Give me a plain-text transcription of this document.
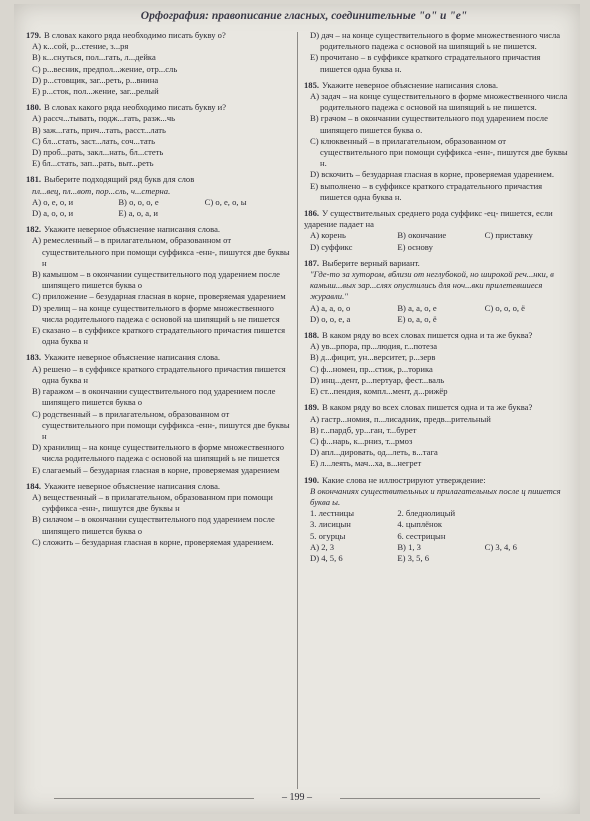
Орфография: правописание гласных, соединительные "о" и "е"
179. В словах какого ряда необходимо писать букву о?
А) к...сой, р...стение, з...ря
В) к...снуться, пол...гать, л...дейка
С) р...весник, предпол...жение, отр...сль
D) р...стовщик, заг...реть, р...внина
Е) р...сток, пол...жение, заг...релый
180. В словах какого ряда необходимо писать букву и?
А) рассч...тывать, подж...гать, разж...чь
В) заж...гать, прич...тать, расст...лать
С) бл...стать, заст...лать, соч...тать
D) проб...рать, закл...нать, бл...стеть
Е) бл...стать, зап...рать, выт...реть
181. Выберите подходящий ряд букв для слов
пл...вец, пл...вот, пор...сль, ч...стерна.
А) о, е, о, и	В) о, о, о, е	С) о, е, о, ы
D) а, о, о, и	Е) а, о, а, и
182. Укажите неверное объяснение написания слова.
А) ремесленный – в прилагательном, образованном от существительного при помощи суффикса -енн-, пишутся две буквы н
В) камышом – в окончании существительного под ударением после шипящего пишется буква о
С) приложение – безударная гласная в корне, проверяемая ударением
D) зрелищ – на конце существительного в форме множественного числа родительного падежа с основой на шипящий ь не пишется
Е) сказано – в суффиксе краткого страдательного причастия пишется одна буква н
183. Укажите неверное объяснение написания слова.
А) решено – в суффиксе краткого страдательного причастия пишется одна буква н
В) гаражом – в окончании существительного под ударением после шипящего пишется буква о
С) родственный – в прилагательном, образованном от существительного при помощи суффикса -енн-, пишутся две буквы н
D) хранилищ – на конце существительного в форме множественного числа родительного падежа с основой на шипящий ь не пишется
Е) слагаемый – безударная гласная в корне, проверяемая ударением
184. Укажите неверное объяснение написания слова.
А) вещественный – в прилагательном, образованном при помощи суффикса -енн-, пишутся две буквы н
В) силачом – в окончании существительного под ударением после шипящего пишется буква о
С) сложить – безударная гласная в корне, проверяемая ударением.
D) дач – на конце существительного в форме множественного числа родительного падежа с основой на шипящий ь не пишется.
Е) прочитано – в суффиксе краткого страдательного причастия пишется одна буква н.
185. Укажите неверное объяснение написания слова.
А) задач – на конце существительного в форме множественного числа родительного падежа с основой на шипящий ь не пишется.
В) грачом – в окончании существительного под ударением после шипящего пишется буква о.
С) клюквенный – в прилагательном, образованном от существительного при помощи суффикса -енн-, пишутся две буквы н.
D) вскочить – безударная гласная в корне, проверяемая ударением.
Е) выполнено – в суффиксе краткого страдательного причастия пишется одна буква н.
186. У существительных среднего рода суффикс -ец- пишется, если ударение падает на
А) корень	В) окончание	С) приставку
D) суффикс	Е) основу
187. Выберите верный вариант.
"Где-то за хутором, вблизи от неглубокой, но широкой реч...нки, в камыш...вых зар...слях опустились для ноч...вки прилетевшиеся журавли."
А) а, а, о, о	В) а, а, о, е	С) о, о, о, ё
D) о, о, е, а	Е) о, а, о, ё
188. В каком ряду во всех словах пишется одна и та же буква?
А) ув...рпора, пр...людия, г...потеза
В) д...фицит, ун...верситет, р...зерв
С) ф...номен, пр...стиж, р...торика
D) инц...дент, р...пертуар, фест...валь
Е) ст...пендия, компл...мент, д...рижёр
189. В каком ряду во всех словах пишется одна и та же буква?
А) гастр...номия, п...лисадник, предв...рительный
В) г...пардб, ур...ган, т...бурет
С) ф...нарь, к...рниз, т...рмоз
D) апл...дировать, од...леть, в...тага
Е) л...леять, мач...ха, в...негрет
190. Какие слова не иллюстрируют утверждение:
В окончаниях существительных и прилагательных после ц пишется буква ы.
1. лестницы	2. бледнолицый
3. лисицын	4. цыплёнок
5. огурцы	6. сестрицын
А) 2, 3	В) 1, 3	С) 3, 4, 6
D) 4, 5, 6	Е) 3, 5, 6
– 199 –
